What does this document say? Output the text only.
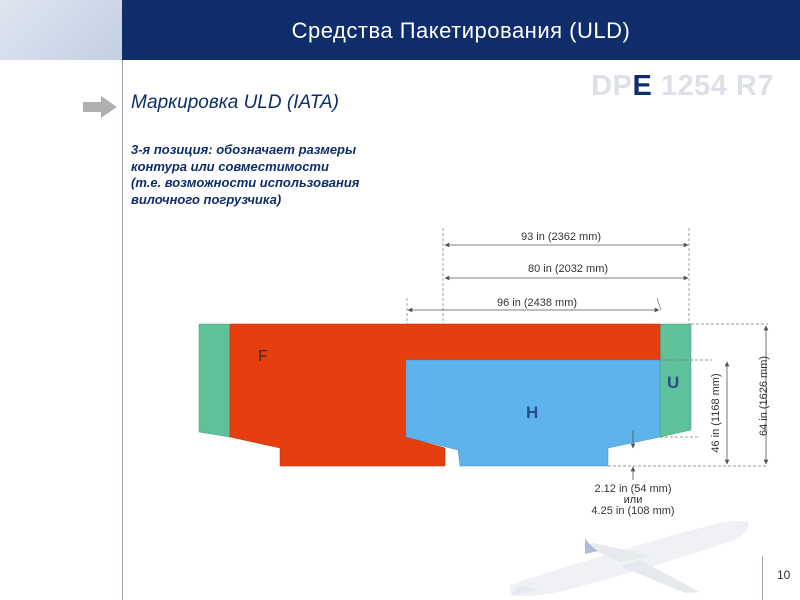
Средства Пакетирования (ULD)
DPE 1254 R7
Маркировка ULD (IATA)
3-я позиция: обозначает размеры
контура или совместимости
(т.е. возможности использования
вилочного погрузчика)
F
H
U
93 in (2362 mm)
80 in (2032 mm)
96 in (2438 mm)
46 in (1168 mm)	64 in (1626 mm)
2.12 in (54 mm)
или
4.25 in (108 mm)
10
